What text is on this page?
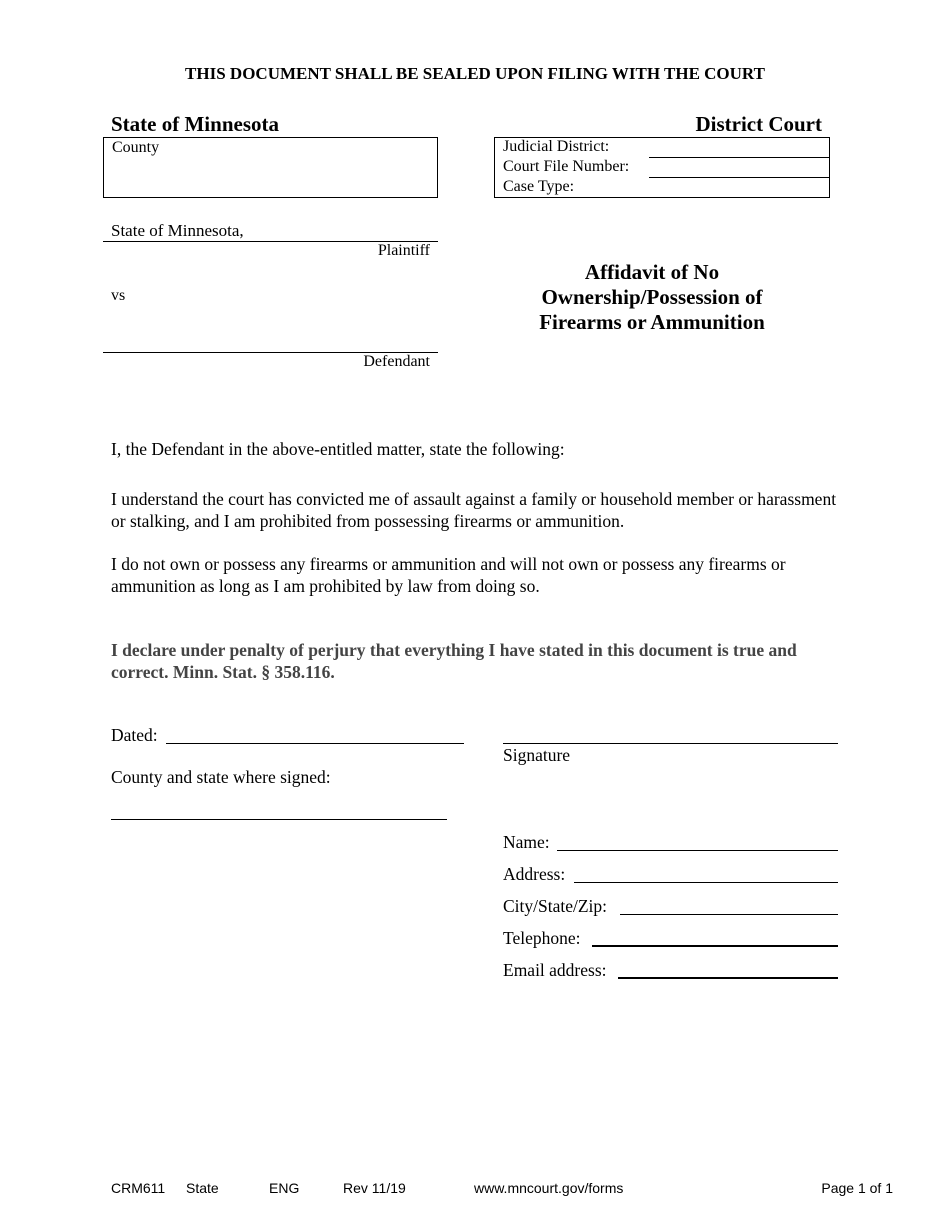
THIS DOCUMENT SHALL BE SEALED UPON FILING WITH THE COURT
State of Minnesota	District Court
County	Judicial District:
Court File Number:
Case Type:
State of Minnesota,
Plaintiff
vs
Defendant
Affidavit of No
Ownership/Possession of
Firearms or Ammunition
I, the Defendant in the above-entitled matter, state the following:
I understand the court has convicted me of assault against a family or household member or harassment or stalking, and I am prohibited from possessing firearms or ammunition.
I do not own or possess any firearms or ammunition and will not own or possess any firearms or ammunition as long as I am prohibited by law from doing so.
I declare under penalty of perjury that everything I have stated in this document is true and correct. Minn. Stat. § 358.116.
Dated:
Signature
County and state where signed:
Name:
Address:
City/State/Zip:
Telephone:
Email address:
CRM611 State	ENG	Rev 11/19	www.mncourt.gov/forms	Page 1 of 1
